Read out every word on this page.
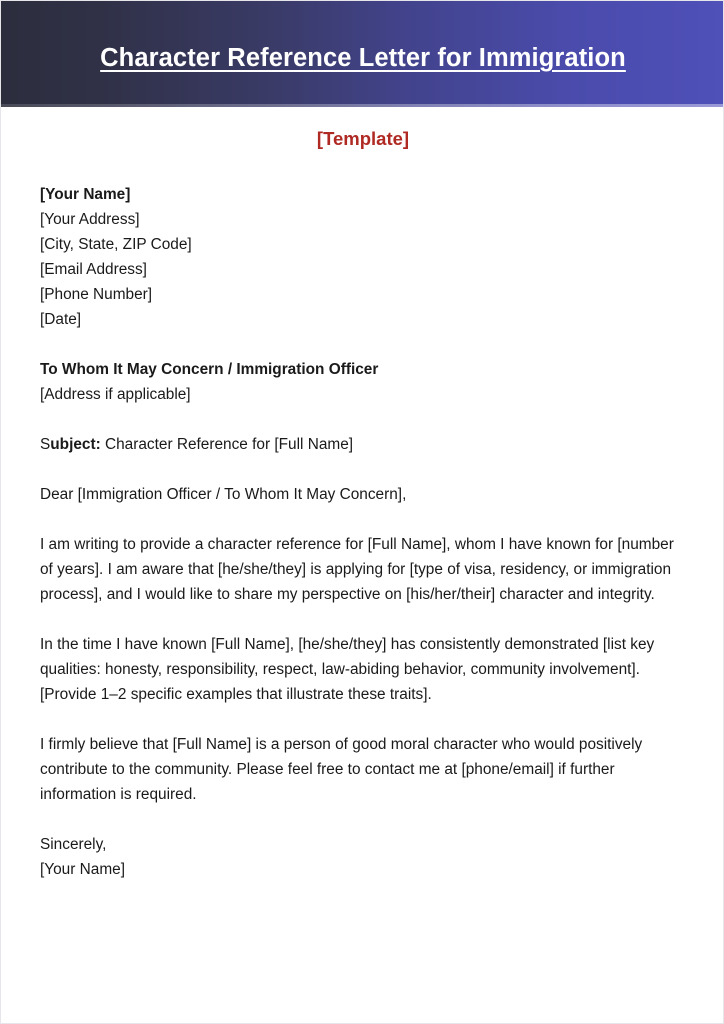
Character Reference Letter for Immigration
[Template]

[Your Name]

[Your Address]

[City, State, ZIP Code]

[Email Address]

[Phone Number]

[Date]

To Whom It May Concern / Immigration Officer

[Address if applicable]

Subject: Character Reference for [Full Name]

Dear [Immigration Officer / To Whom It May Concern],

I am writing to provide a character reference for [Full Name], whom I have known for [number of years]. I am aware that [he/she/they] is applying for [type of visa, residency, or immigration process], and I would like to share my perspective on [his/her/their] character and integrity.

In the time I have known [Full Name], [he/she/they] has consistently demonstrated [list key qualities: honesty, responsibility, respect, law-abiding behavior, community involvement]. [Provide 1–2 specific examples that illustrate these traits].

I firmly believe that [Full Name] is a person of good moral character who would positively contribute to the community. Please feel free to contact me at [phone/email] if further information is required.

Sincerely,

[Your Name]
